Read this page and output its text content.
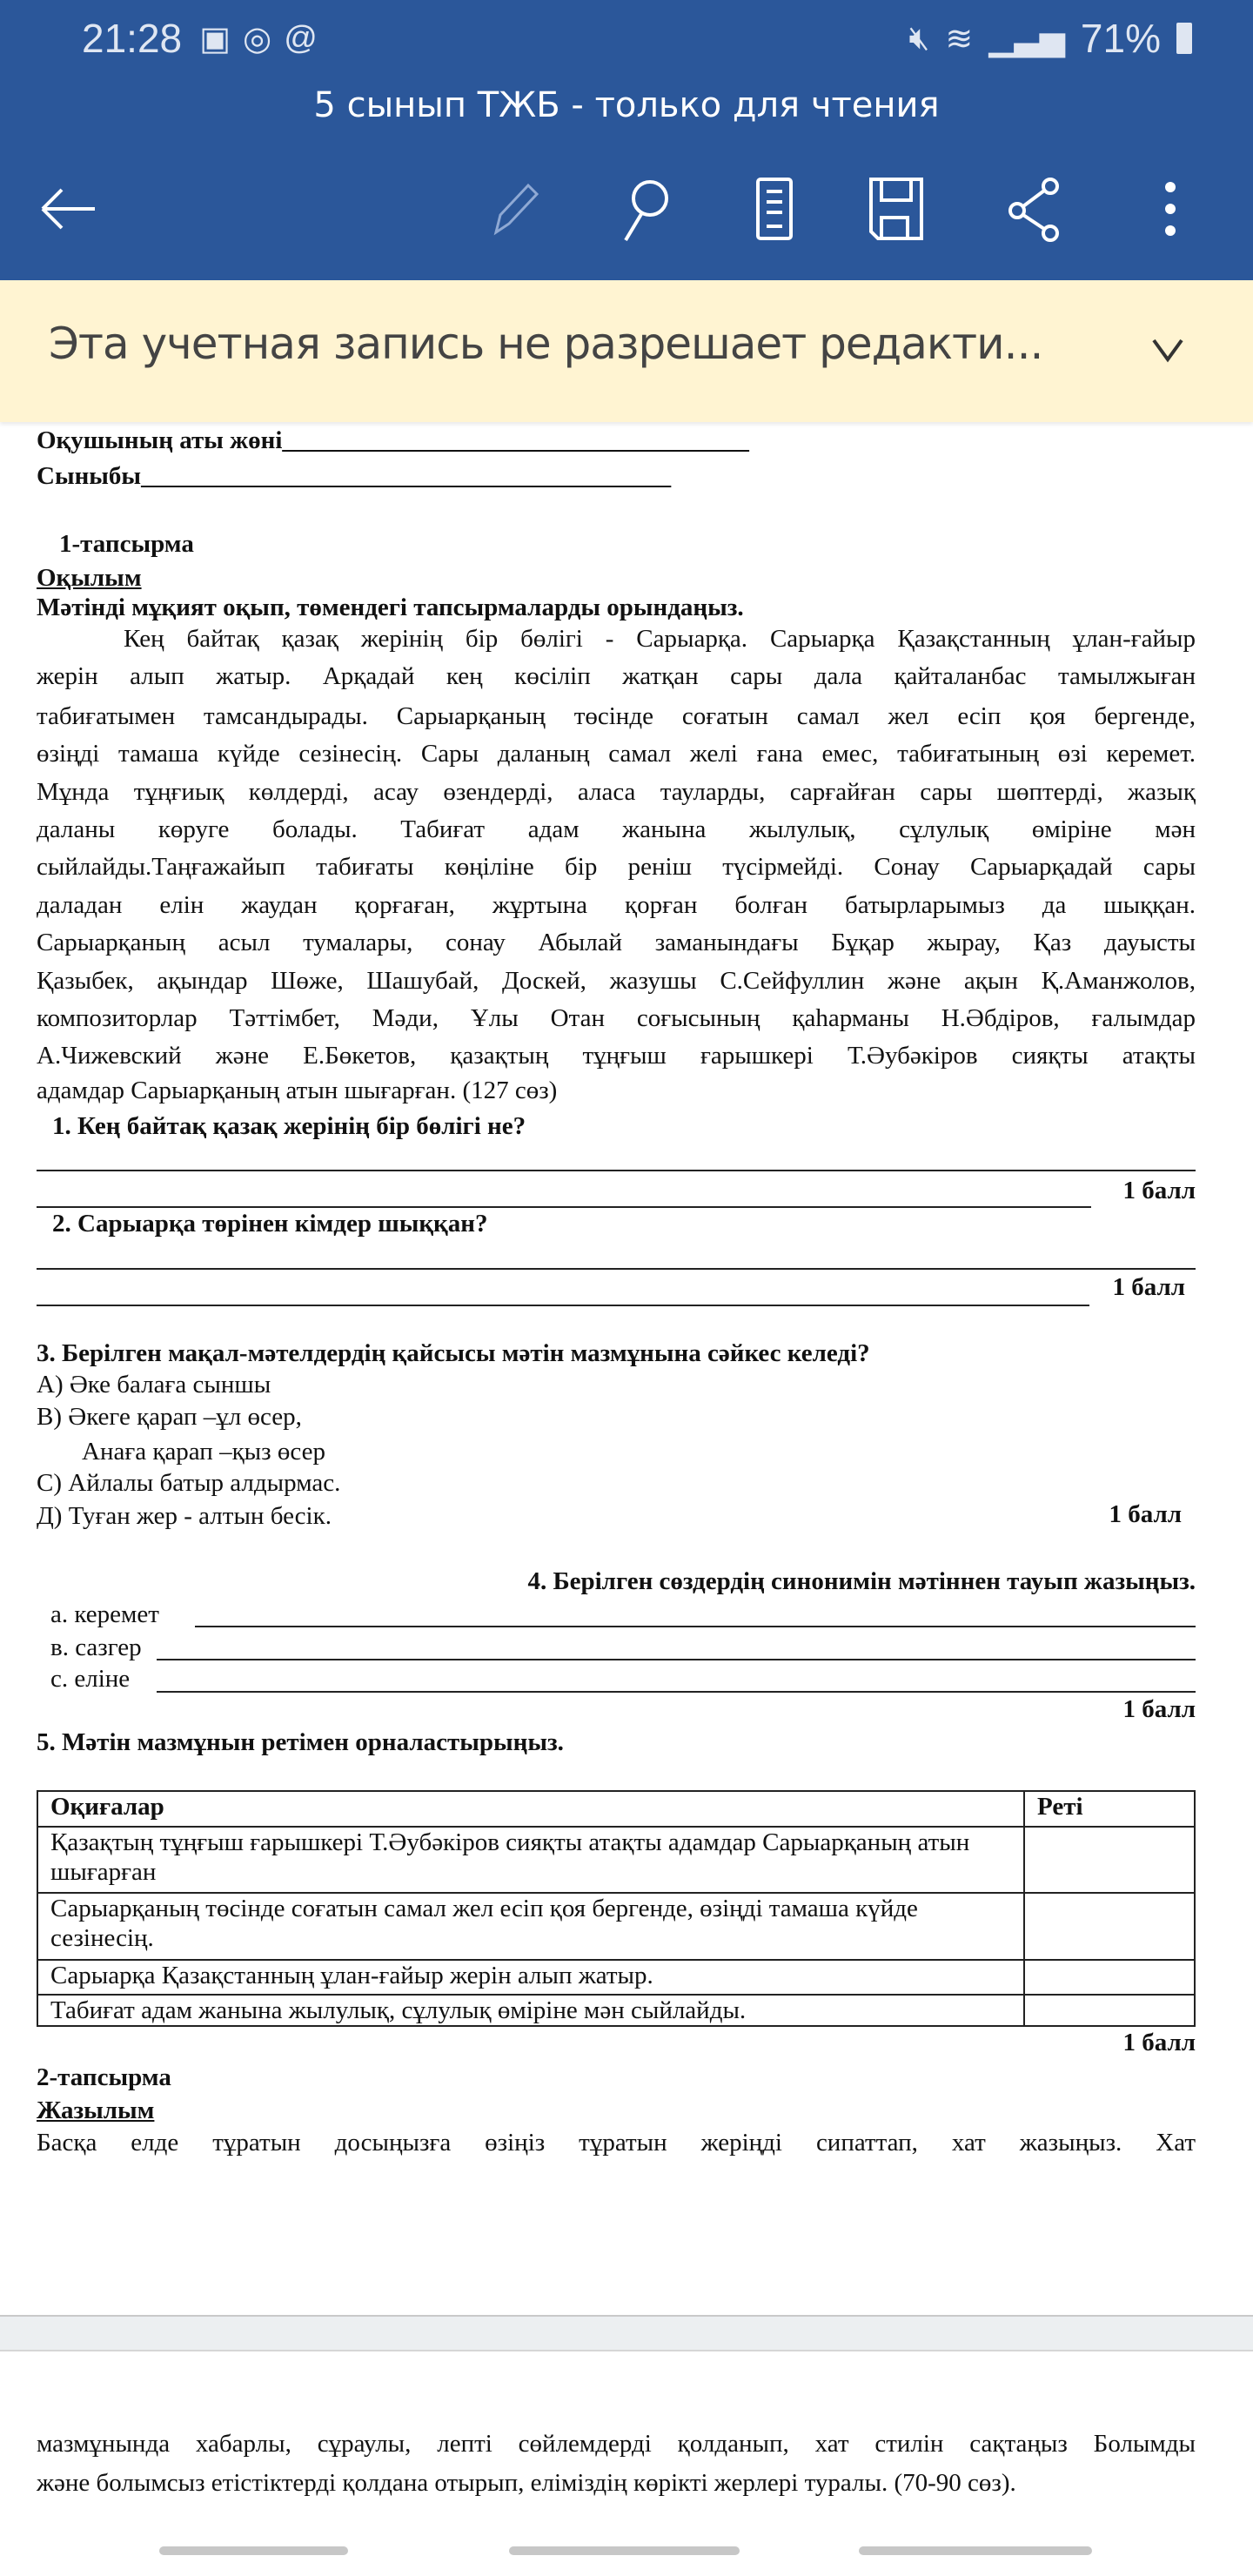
21:28 ▣ ◎ @	🔇︎ ≋ ▁▃▅ 71%
5 сынып ТЖБ - только для чтения
Эта учетная запись не разрешает редакти...
Оқушының аты жөні_____________________________________
Сыныбы__________________________________________
1-тапсырма
Оқылым
Мәтінді мұқият оқып, төмендегі тапсырмаларды орындаңыз.
Кең байтақ қазақ жерінің бір бөлігі - Сарыарқа. Сарыарқа Қазақстанның ұлан-ғайыр
жерін алып жатыр. Арқадай кең көсіліп жатқан сары дала қайталанбас тамылжыған
табиғатымен тамсандырады. Сарыарқаның төсінде соғатын самал жел есіп қоя бергенде,
өзіңді тамаша күйде сезінесің. Сары даланың самал желі ғана емес, табиғатының өзі керемет.
Мұнда тұңғиық көлдерді, асау өзендерді, аласа тауларды, сарғайған сары шөптерді, жазық
даланы көруге болады. Табиғат адам жанына жылулық, сұлулық өміріне мән
сыйлайды.Таңғажайып табиғаты көңіліне бір реніш түсірмейді. Сонау Сарыарқадай сары
даладан елін жаудан қорғаған, жұртына қорған болған батырларымыз да шыққан.
Сарыарқаның асыл тумалары, сонау Абылай заманындағы Бұқар жырау, Қаз дауысты
Қазыбек, ақындар Шөже, Шашубай, Доскей, жазушы С.Сейфуллин және ақын Қ.Аманжолов,
композиторлар Тәттімбет, Мәди, Ұлы Отан соғысының қаһарманы Н.Әбдіров, ғалымдар
А.Чижевский және Е.Бөкетов, қазақтың тұңғыш ғарышкері Т.Әубәкіров сияқты атақты
адамдар Сарыарқаның атын шығарған. (127 сөз)
1. Кең байтақ қазақ жерінің бір бөлігі не?
1 балл
2. Сарыарқа төрінен кімдер шыққан?
1 балл
3. Берілген мақал-мәтелдердің қайсысы мәтін мазмұнына сәйкес келеді?
А) Әке балаға сыншы
В) Әкеге қарап –ұл өсер,
Анаға қарап –қыз өсер
С) Айлалы батыр алдырмас.
Д) Туған жер - алтын бесік.	1 балл
4. Берілген сөздердің синонимін мәтіннен тауып жазыңыз.
а. керемет
в. сазгер
с. еліне
1 балл
5. Мәтін мазмұнын ретімен орналастырыңыз.
Оқиғалар	Реті
Қазақтың тұңғыш ғарышкері Т.Әубәкіров сияқты атақты адамдар Сарыарқаның атын шығарған	
Сарыарқаның төсінде соғатын самал жел есіп қоя бергенде, өзіңді тамаша күйде сезінесің.	
Сарыарқа Қазақстанның ұлан-ғайыр жерін алып жатыр.	
Табиғат адам жанына жылулық, сұлулық өміріне мән сыйлайды.	
1 балл
2-тапсырма
Жазылым
Басқа елде тұратын досыңызға өзіңіз тұратын жеріңді сипаттап, хат жазыңыз. Хат
мазмұнында хабарлы, сұраулы, лепті сөйлемдерді қолданып, хат стилін сақтаңыз Болымды
және болымсыз етістіктерді қолдана отырып, еліміздің көрікті жерлері туралы. (70-90 сөз).
